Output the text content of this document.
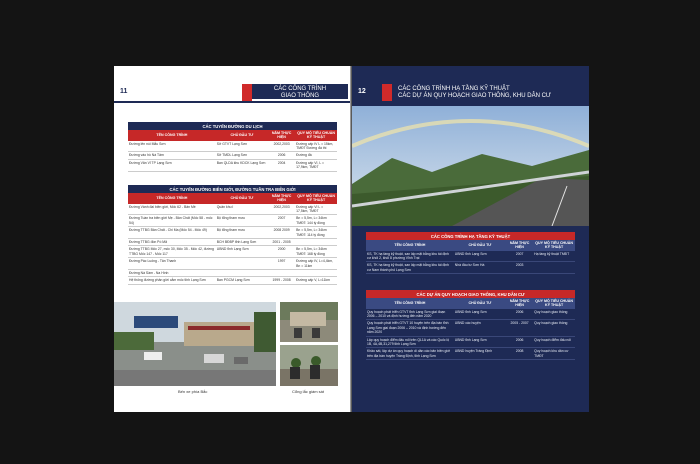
11	CÁC CÔNG TRÌNH
GIAO THÔNG
CÁC TUYẾN ĐƯỜNG DU LỊCH
TÊN CÔNG TRÌNH	CHỦ ĐẦU TƯ	NĂM THỰC HIỆN	QUY MÔ TIÊU CHUẨN KỸ THUẬT
Đường lên núi Mẫu Sơn	Sở GTVT Lạng Sơn	2002,2003	Đường cấp IV L = 15km, TMĐT Đường đá thi
Đường vào hồ Nà Tâm	Sở TMDL Lạng Sơn	2006	Đường đá
Đường Văn Vỉ TP Lạng Sơn	Ban QLDA khu KDCK Lạng Sơn	2004	Đường cấp VI, L = 17,9km, TMĐT
CÁC TUYẾN ĐƯỜNG BIÊN GIỚI, ĐƯỜNG TUẦN TRA BIÊN GIỚI
TÊN CÔNG TRÌNH	CHỦ ĐẦU TƯ	NĂM THỰC HIỆN	QUY MÔ TIÊU CHUẨN KỸ THUẬT
Đường Vành đai biên giới, Mốc 62 - Bản Mé	Quân khu I	2002,2003	Đường cấp VI L = 17,5km, TMĐT
Đường Tuần tra biên giới Mẹ - Bản Chất (Mốc 58 - mốc 54)	Bộ tổng tham mưu	2007	Bn = 5,5m, L= 34km TMĐT: 144 tỷ đồng
Đường TTBG Bản Chất - Chi Ma (Mốc 54 - Mốc 49)	Bộ tổng tham mưu	2008 2009	Bn = 5,5m, L= 34km TMĐT: 114 tỷ đồng
Đường TTBG đồn Pò Mã	BCH BĐBP tỉnh Lạng Sơn	2001 - 2005	
Đường TTBG Mốc 27, mốc 30, Mốc 35 - Mốc 42, đường TTBG Mốc 147 - Mốc 117	UBND tỉnh Lạng Sơn	2000	Bn = 5,5m, L= 34km TMĐT: 168 tỷ đồng
Đường Pác Luống - Tân Thanh		1997	Đường cấp IV, L=4,4km, Bn = 11km
Đường Nà Sầm - Na Hình			
Hệ thống đường phân giới cắm mốc tỉnh Lạng Sơn	Ban PGCM Lạng Sơn	1999 - 2008	Đường cấp V, L=11km
Bến xe phía Bắc	Cổng lắc giám sát
12	CÁC CÔNG TRÌNH HẠ TẦNG KỸ THUẬT
CÁC DỰ ÁN QUY HOẠCH GIAO THÔNG, KHU DÂN CƯ
CÁC CÔNG TRÌNH HẠ TẦNG KỸ THUẬT
TÊN CÔNG TRÌNH	CHỦ ĐẦU TƯ	NĂM THỰC HIỆN	QUY MÔ TIÊU CHUẨN KỸ THUẬT
KS, TK hạ tầng kỹ thuật, san lấp mặt bằng khu tái định cư khối 2, khối 8 phường Vĩnh Trại	UBND tỉnh Lạng Sơn	2007	Hạ tầng kỹ thuật TMĐT
KS, TK hạ tầng kỹ thuật, san lấp mặt bằng khu tái định cư Nam thành phố Lạng Sơn	Nhà đầu tư Sơn Hà	2003	
CÁC DỰ ÁN QUY HOẠCH GIAO THÔNG, KHU DÂN CƯ
TÊN CÔNG TRÌNH	CHỦ ĐẦU TƯ	NĂM THỰC HIỆN	QUY MÔ TIÊU CHUẨN KỸ THUẬT
Quy hoạch phát triển GTVT tỉnh Lạng Sơn giai đoạn 2006 – 2010 và định hướng đến năm 2020	UBND tỉnh Lạng Sơn	2006	Quy hoạch giao thông
Quy hoạch phát triển GTVT 10 huyện trên địa bàn tỉnh Lạng Sơn giai đoạn 2006 – 2010 và định hướng đến năm 2020	UBND các huyện	2005 - 2007	Quy hoạch giao thông
Lập quy hoạch điểm đấu nối trên QL1A và các Quốc lộ 1B, 4A,4B,31,279 tỉnh Lạng Sơn	UBND tỉnh Lạng Sơn	2006	Quy hoạch điểm đấu nối
Khảo sát, lập dự án quy hoạch di dân các bản biên giới trên địa bàn huyện Tràng Định, tỉnh Lạng Sơn	UBND huyện Tràng Định	2008	Quy hoạch khu dân cư TMĐT
